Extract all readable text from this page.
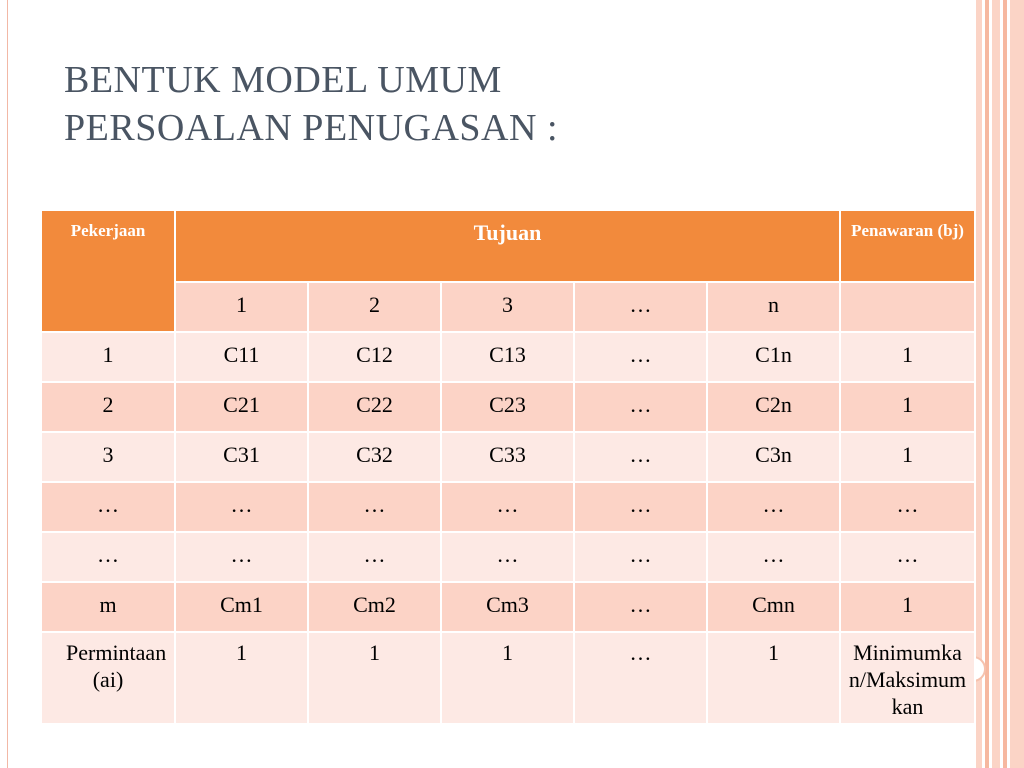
BENTUK MODEL UMUM
PERSOALAN PENUGASAN :
Pekerjaan	Tujuan					Penawaran (bj)
	1	2	3	…	n	
1	C11	C12	C13	…	C1n	1
2	C21	C22	C23	…	C2n	1
3	C31	C32	C33	…	C3n	1
…	…	…	…	…	…	…
…	…	…	…	…	…	…
m	Cm1	Cm2	Cm3	…	Cmn	1
Permintaan (ai)	1	1	1	…	1	Minimumkan/Maksimumkan
